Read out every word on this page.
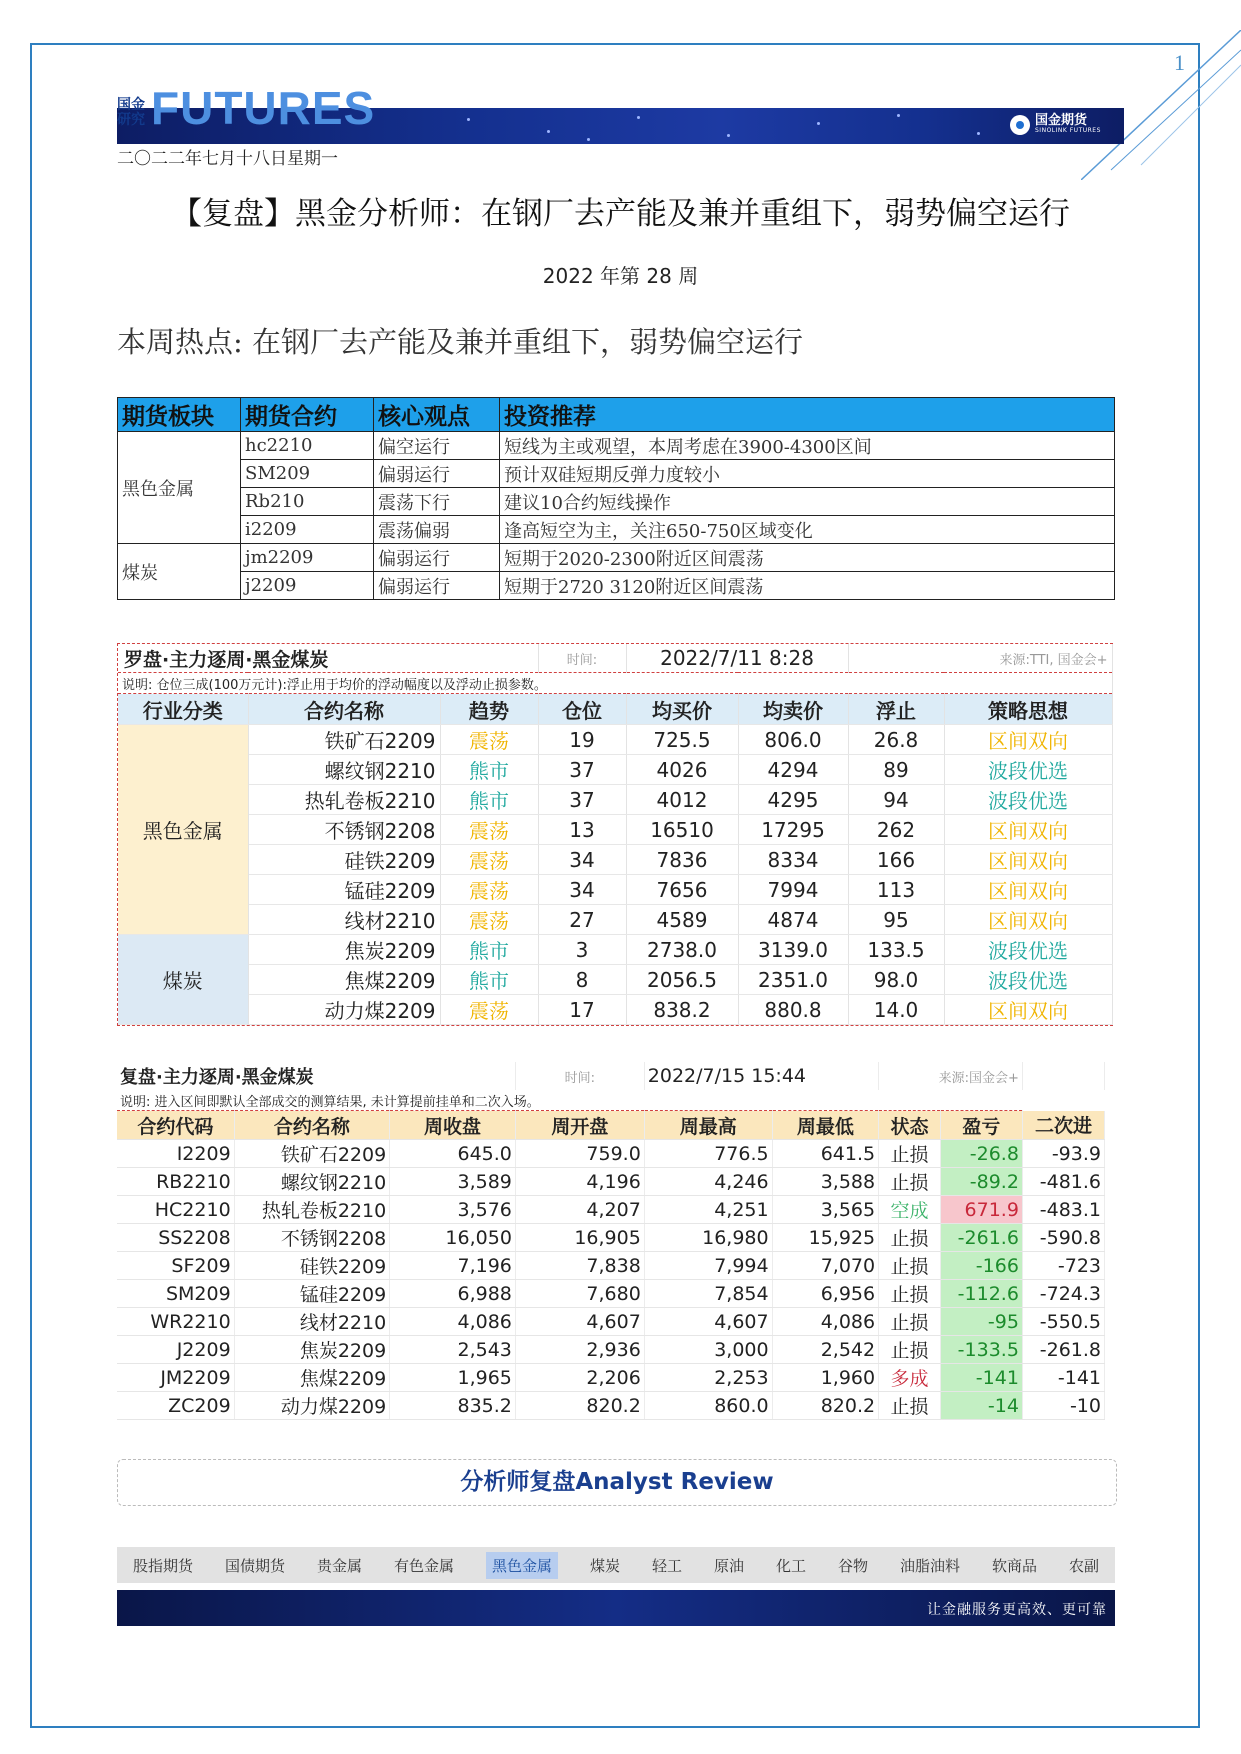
1
国金研究 FUTURES	国金期货
SINOLINK FUTURES
二〇二二年七月十八日星期一
【复盘】黑金分析师：在钢厂去产能及兼并重组下，弱势偏空运行
2022 年第 28 周
本周热点: 在钢厂去产能及兼并重组下，弱势偏空运行
期货板块	期货合约	核心观点	投资推荐
黑色金属	hc2210	偏空运行	短线为主或观望，本周考虑在3900-4300区间
	SM209	偏弱运行	预计双硅短期反弹力度较小
	Rb210	震荡下行	建议10合约短线操作
	i2209	震荡偏弱	逢高短空为主，关注650-750区域变化
煤炭	jm2209	偏弱运行	短期于2020-2300附近区间震荡
	j2209	偏弱运行	短期于2720 3120附近区间震荡
罗盘·主力逐周·黑金煤炭			时间:	2022/7/11 8:28		来源:TTI, 国金会+	
说明: 仓位三成(100万元计):浮止用于均价的浮动幅度以及浮动止损参数。							
行业分类	合约名称	趋势	仓位	均买价	均卖价	浮止	策略思想
黑色金属	铁矿石2209	震荡	19	725.5	806.0	26.8	区间双向
	螺纹钢2210	熊市	37	4026	4294	89	波段优选
	热轧卷板2210	熊市	37	4012	4295	94	波段优选
	不锈钢2208	震荡	13	16510	17295	262	区间双向
	硅铁2209	震荡	34	7836	8334	166	区间双向
	锰硅2209	震荡	34	7656	7994	113	区间双向
	线材2210	震荡	27	4589	4874	95	区间双向
煤炭	焦炭2209	熊市	3	2738.0	3139.0	133.5	波段优选
	焦煤2209	熊市	8	2056.5	2351.0	98.0	波段优选
	动力煤2209	震荡	17	838.2	880.8	14.0	区间双向
复盘·主力逐周·黑金煤炭			时间:	2022/7/15 15:44		来源:国金会+		
说明: 进入区间即默认全部成交的测算结果, 未计算提前挂单和二次入场。								
合约代码	合约名称	周收盘	周开盘	周最高	周最低	状态	盈亏	二次进
I2209	铁矿石2209	645.0	759.0	776.5	641.5	止损	-26.8	-93.9
RB2210	螺纹钢2210	3,589	4,196	4,246	3,588	止损	-89.2	-481.6
HC2210	热轧卷板2210	3,576	4,207	4,251	3,565	空成	671.9	-483.1
SS2208	不锈钢2208	16,050	16,905	16,980	15,925	止损	-261.6	-590.8
SF209	硅铁2209	7,196	7,838	7,994	7,070	止损	-166	-723
SM209	锰硅2209	6,988	7,680	7,854	6,956	止损	-112.6	-724.3
WR2210	线材2210	4,086	4,607	4,607	4,086	止损	-95	-550.5
J2209	焦炭2209	2,543	2,936	3,000	2,542	止损	-133.5	-261.8
JM2209	焦煤2209	1,965	2,206	2,253	1,960	多成	-141	-141
ZC209	动力煤2209	835.2	820.2	860.0	820.2	止损	-14	-10
分析师复盘Analyst Review
股指期货 国债期货 贵金属 有色金属	黑色金属	煤炭 轻工 原油 化工 谷物 油脂油料 软商品 农副
让金融服务更高效、更可靠
